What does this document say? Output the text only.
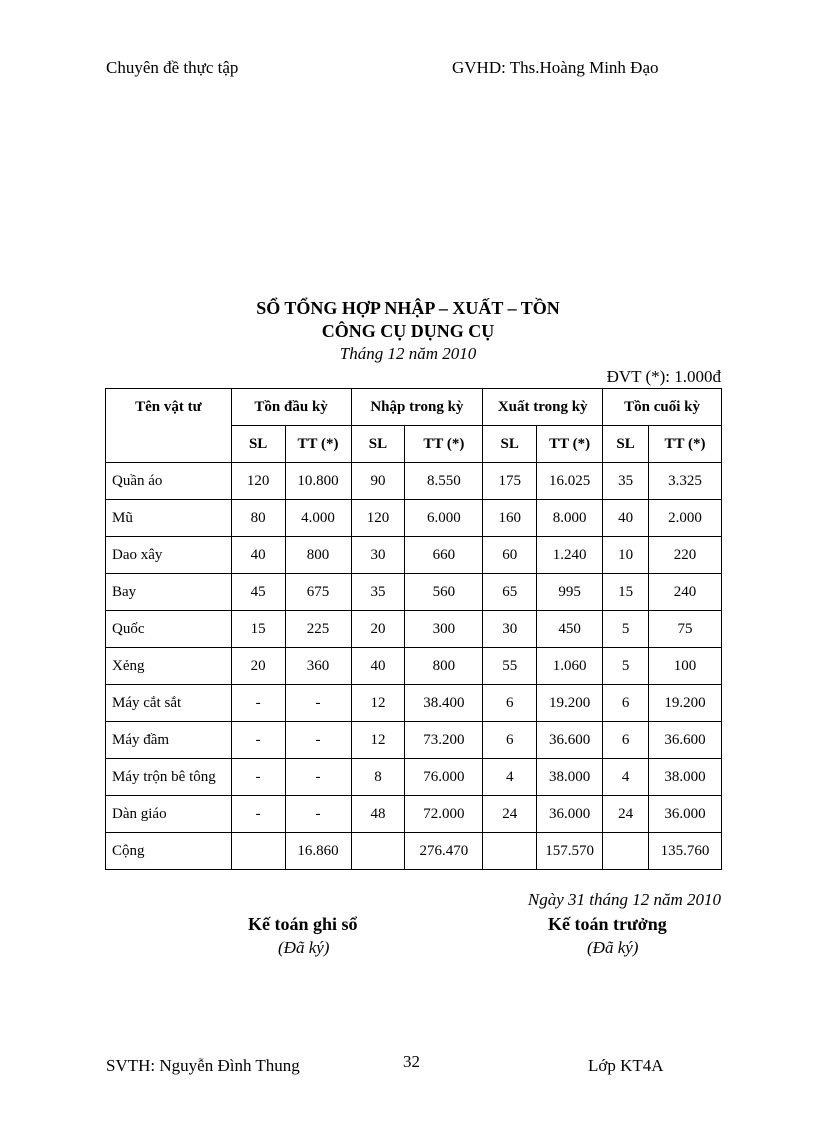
Chuyên đề thực tập	GVHD: Ths.Hoàng Minh Đạo
SỔ TỔNG HỢP NHẬP – XUẤT – TỒN
CÔNG CỤ DỤNG CỤ
Tháng 12 năm 2010
ĐVT (*): 1.000đ
Tên vật tư	Tồn đầu kỳ		Nhập trong kỳ		Xuất trong kỳ		Tồn cuối kỳ	
	SL	TT (*)	SL	TT (*)	SL	TT (*)	SL	TT (*)
Quần áo	120	10.800	90	8.550	175	16.025	35	3.325
Mũ	80	4.000	120	6.000	160	8.000	40	2.000
Dao xây	40	800	30	660	60	1.240	10	220
Bay	45	675	35	560	65	995	15	240
Quốc	15	225	20	300	30	450	5	75
Xẻng	20	360	40	800	55	1.060	5	100
Máy cắt sắt	-	-	12	38.400	6	19.200	6	19.200
Máy đầm	-	-	12	73.200	6	36.600	6	36.600
Máy trộn bê tông	-	-	8	76.000	4	38.000	4	38.000
Dàn giáo	-	-	48	72.000	24	36.000	24	36.000
Cộng		16.860		276.470		157.570		135.760
Ngày 31 tháng 12 năm 2010
Kế toán ghi sổ
(Đã ký)
Kế toán trưởng
(Đã ký)
SVTH: Nguyễn Đình Thung	32	Lớp KT4A
